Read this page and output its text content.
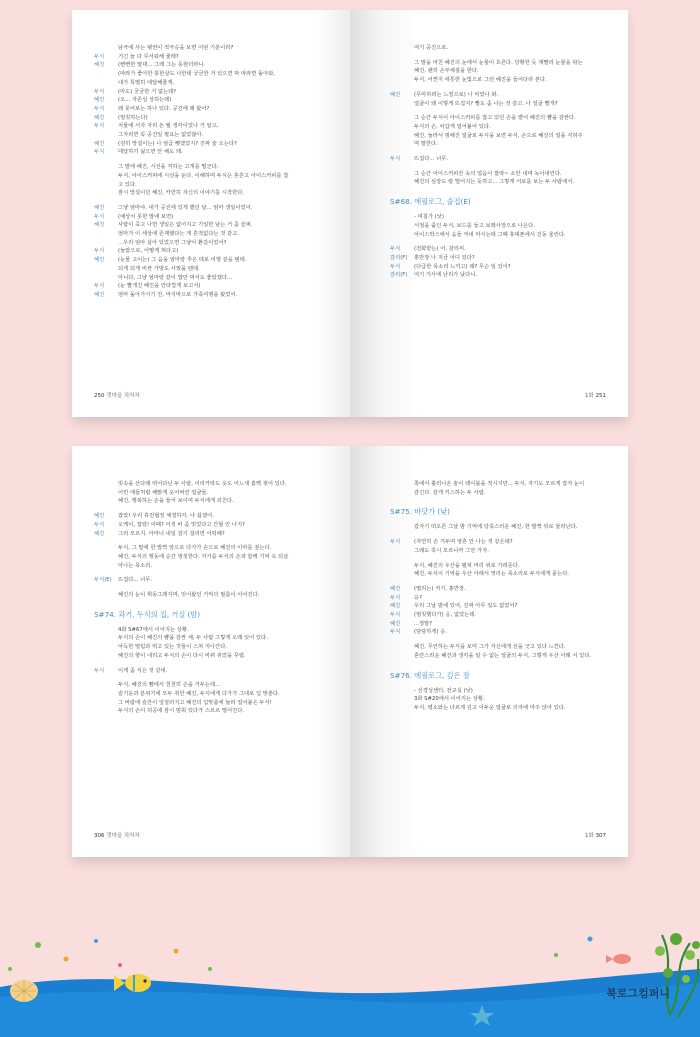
남극에 사는 펭귄이 적극승을 보면 어떤 기분이라?
두식	거긴 늘 다 무서워해 줄래?
혜진	(뻔뻔한 말대... 그래 그는 동현더라니.
(따라가 좋아한 통한살도 나한테 궁금한 거 있으면 막 따라면 돌아와,
내가 특별히 대답해줄게.
두식	(마도) 궁금한 거 없는데?
혜진	(오... 자존심 상하는데)
두식	왜 못어보는 하나 있다. 공진에 왜 왔어?
혜진	(멍칫하는다)
두식	치물에 서자 자리 돈 뭘 생각이었나 거 알고,
그자리면 꼭 공진일 필요는 없었잖아.
혜진	(전히 망설이는) 나 엄급 뺏겠었지? 진짜 술 오는다?
두식	대답하기 싫으면 안 해도 돼.
그 말에 혜진, 시선을 저하는 고개를 떨군다.
두식, 아이스커피에 시선을 둔다. 이해하며 두식은 혼흔고 아이스커피를 잡
고 있다.
잠시 망설이던 혜진, 카만히 자신의 이야기를 시작한다.
혜진	그냥 엄마야. 내가 공진에 있게 했던 날... 엄마 생일이었어.
두식	(예상치 못한 말에 보면)
혜진	사람이 죽고 나면 생일은 없어지고 기일만 남는 거 좀 슬퍼.
엄마가 이 세상에 존재했다는 게 흔적없다는 것 같고.
...우리 엄마 살아 있었으면 그냥이 환갑이었어?
두식	(놀람으로, 어떻게 쳐다고)
혜진	(눈물 고이는) 그 음을 엄마랑 추온 데로 여행 같을 텐데.
되게 되게 비싼 가방도 사줬을 텐데.
아니다, 그냥 엄마랑 같이 밥만 먹어도 좋았겠다...
두식	(눈 빨개진 혜진을 안타깝게 보고서)
혜진	엄마 돌아가시기 전, 마지막으로 가족여행을 왔었어.
250 갯마을 차차차
여기 공진으로.
그 말을 마친 혜진의 눈에서 눈물이 흐른다. 당황한 듯 재빨리 눈물을 닦는
혜진, 괜히 손부채질을 한다.
두식, 어쩐지 애틋한 눈빛으로 그런 혜진을 들어다라 본다.
혜진	(무마하려는 느낌으로) 나 익었나 봐.
얼굴이 왜 이렇게 뜨겁지? 빨도 좀 나는 것 같고. 나 얼굴 빨개?
그 순간 두식이 아이스커피를 잡고 있던 손을 뻗어 혜진의 뺨을 감싼다.
두식의 손, 차갑게 얼어붙어 있다.
혜진, 놀라서 멍해진 얼굴로 두식을 보면 두식, 손으로 혜진의 얼을 식혀주
며 말한다.
두식	뜨겁다... 너무.
그 순간 아이스커피잔 속의 얼음이 깔딱~ 소란 내며 녹아내린다.
혜진의 심장도 칼 떨어지는 듯하고... 그렇게 서로를 보는 두 사람에서.
S#68. 에필로그, 술집(E)
- 며칠가 (낮)
서점을 줍던 두식, 보드를 들고 보래사장으로 나온다.
아이스박스에서 음들 꺼내 마시는데 그때 휴대폰에서 진동 울린다.
두식	(전화받는) 어, 감리씨.
감리(F)	홍반장 나 지금 어디 있다?
두식	(다급한 목소리 느끼고) 왜? 무슨 일 있어?
감리(F)	여기 거사에 난리가 났다니.
1화 251
빗속을 산다래 뛰어다닌 두 사람, 어리카락도 옷도 어느새 흠뻑 젖어 있다.
어린 애들처럼 해맑게 웃어버린 얼굴들.
혜진, 행복하는 손을 들어 보이며 두식에게 외친다.
혜진	잡았! 우리 휴전협정 체결하자. 나 쉽겠어.
두식	오케이, 잡았! 어때? 이것 바 좀 빗었다고 간헐 안 나지?
혜진	그러 모르지. 아마너 내일 감기 걸리면 어떡해?
두식, 그 말에 한 발짝 앞으로 다가가 손으로 혜진의 이마를 짚는다.
혜진, 두식의 행동에 순간 멍칫한다. 자기를 두식의 손과 함께 기억 속 되살
아나는 목소리.
두식(E)	뜨겁다... 너무.
혜진의 눈이 휘동그레지며, 잊어왔던 기억의 필름이 이어진다.
S#74. 과거, 두식의 집, 거실 (밤)
4화 S#67에서 이어지는 상황.
두식의 손이 혜진의 뺨을 감싼 채, 두 사람 그렇게 오래 있어 있다.
아득한 떨림과 뛰고 있는 것들이 스쳐 지나간다.
혜진의 향이 내리고 두식의 손이 다시 바꿔 쥐었을 무렵.
두식	이게 좀 식은 것 같네.
두식, 혜진의 뺨에서 천천히 손을 거두는데...
슬기운과 분위기에 모두 취한 혜진, 두식에게 다가가 그대로 입 맞춘다.
그 바람에 슬잔이 엎질러지고 혜진의 입맞춤에 놀라 얼어붙은 두식!
두식의 손이 허공에 잠시 멈춰 있다가 스르르 떨어진다.
306 갯마을 차차차
쪽에서 흘러나온 술이 테이블을 적시지만... 두식, 자기도 모르게 잡자 눈이
감긴다. 감게 키스하는 두 사람.
S#75. 바닷가 (낮)
갑자기 떠오른 그날 밤 기억에 당혹스러운 혜진, 한 발짝 뒤로 물러난다.
두식	(자연히 손 거두며 영혼 안 나는 것 같은데?
그래도 혹시 모르니까 그만 가자.
두식, 혜진의 우산을 펼쳐 머리 위로 가려준다.
혜진, 두식이 기억을 우산 아래서 엿리는 목소리로 두식에게 묻는다.
혜진	(떨리는) 저기. 홍반장.
두식	응?
혜진	우리 그날 밤에 있어, 진짜 아무 일도 없었어?
두식	(멍칫했다가) 응, 없었는데.
혜진	...정말?
두식	(담담하게) 응.
혜진, 무언하는 두식을 보며 그가 자신에게 선을 긋고 있다 느낀다.
혼란스러운 혜진과 생각을 알 수 없는 얼굴의 두식, 그렇게 우산 아래 서 있다.
S#76. 에필로그, 깊은 잠
- 선경성센터, 전교실 (낮)
3화 S#20에서 이어지는 상황.
두식, 평소와는 다르게 깊고 어두운 얼굴로 의자에 마주 앉아 있다.
1화 307
북로그컴퍼니
